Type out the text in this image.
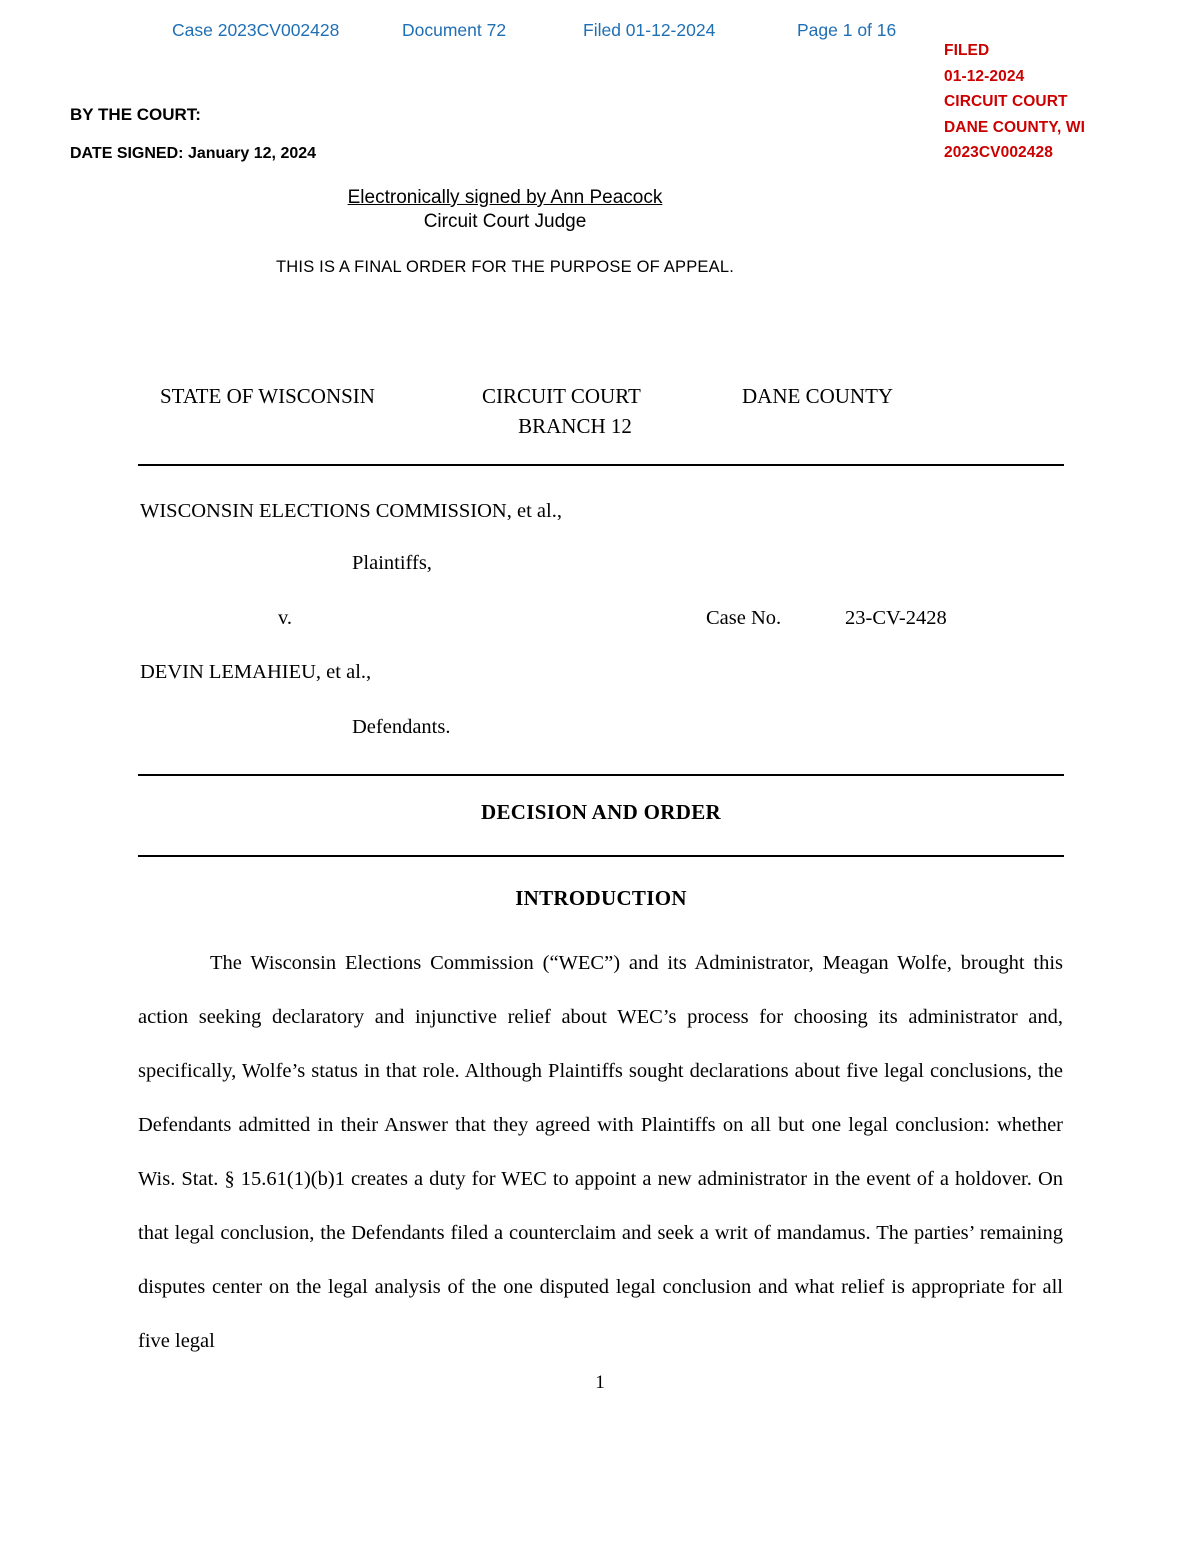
Case 2023CV002428	Document 72	Filed 01-12-2024	Page 1 of 16
FILED
01-12-2024
CIRCUIT COURT
DANE COUNTY, WI
2023CV002428
BY THE COURT:
DATE SIGNED: January 12, 2024
Electronically signed by Ann Peacock
Circuit Court Judge
THIS IS A FINAL ORDER FOR THE PURPOSE OF APPEAL.
STATE OF WISCONSIN	CIRCUIT COURT	DANE COUNTY
BRANCH 12
WISCONSIN ELECTIONS COMMISSION, et al.,
Plaintiffs,
v.	Case No.	23-CV-2428
DEVIN LEMAHIEU, et al.,
Defendants.
DECISION AND ORDER
INTRODUCTION
The Wisconsin Elections Commission (“WEC”) and its Administrator, Meagan Wolfe, brought this action seeking declaratory and injunctive relief about WEC’s process for choosing its administrator and, specifically, Wolfe’s status in that role. Although Plaintiffs sought declarations about five legal conclusions, the Defendants admitted in their Answer that they agreed with Plaintiffs on all but one legal conclusion: whether Wis. Stat. § 15.61(1)(b)1 creates a duty for WEC to appoint a new administrator in the event of a holdover. On that legal conclusion, the Defendants filed a counterclaim and seek a writ of mandamus. The parties’ remaining disputes center on the legal analysis of the one disputed legal conclusion and what relief is appropriate for all five legal
1
